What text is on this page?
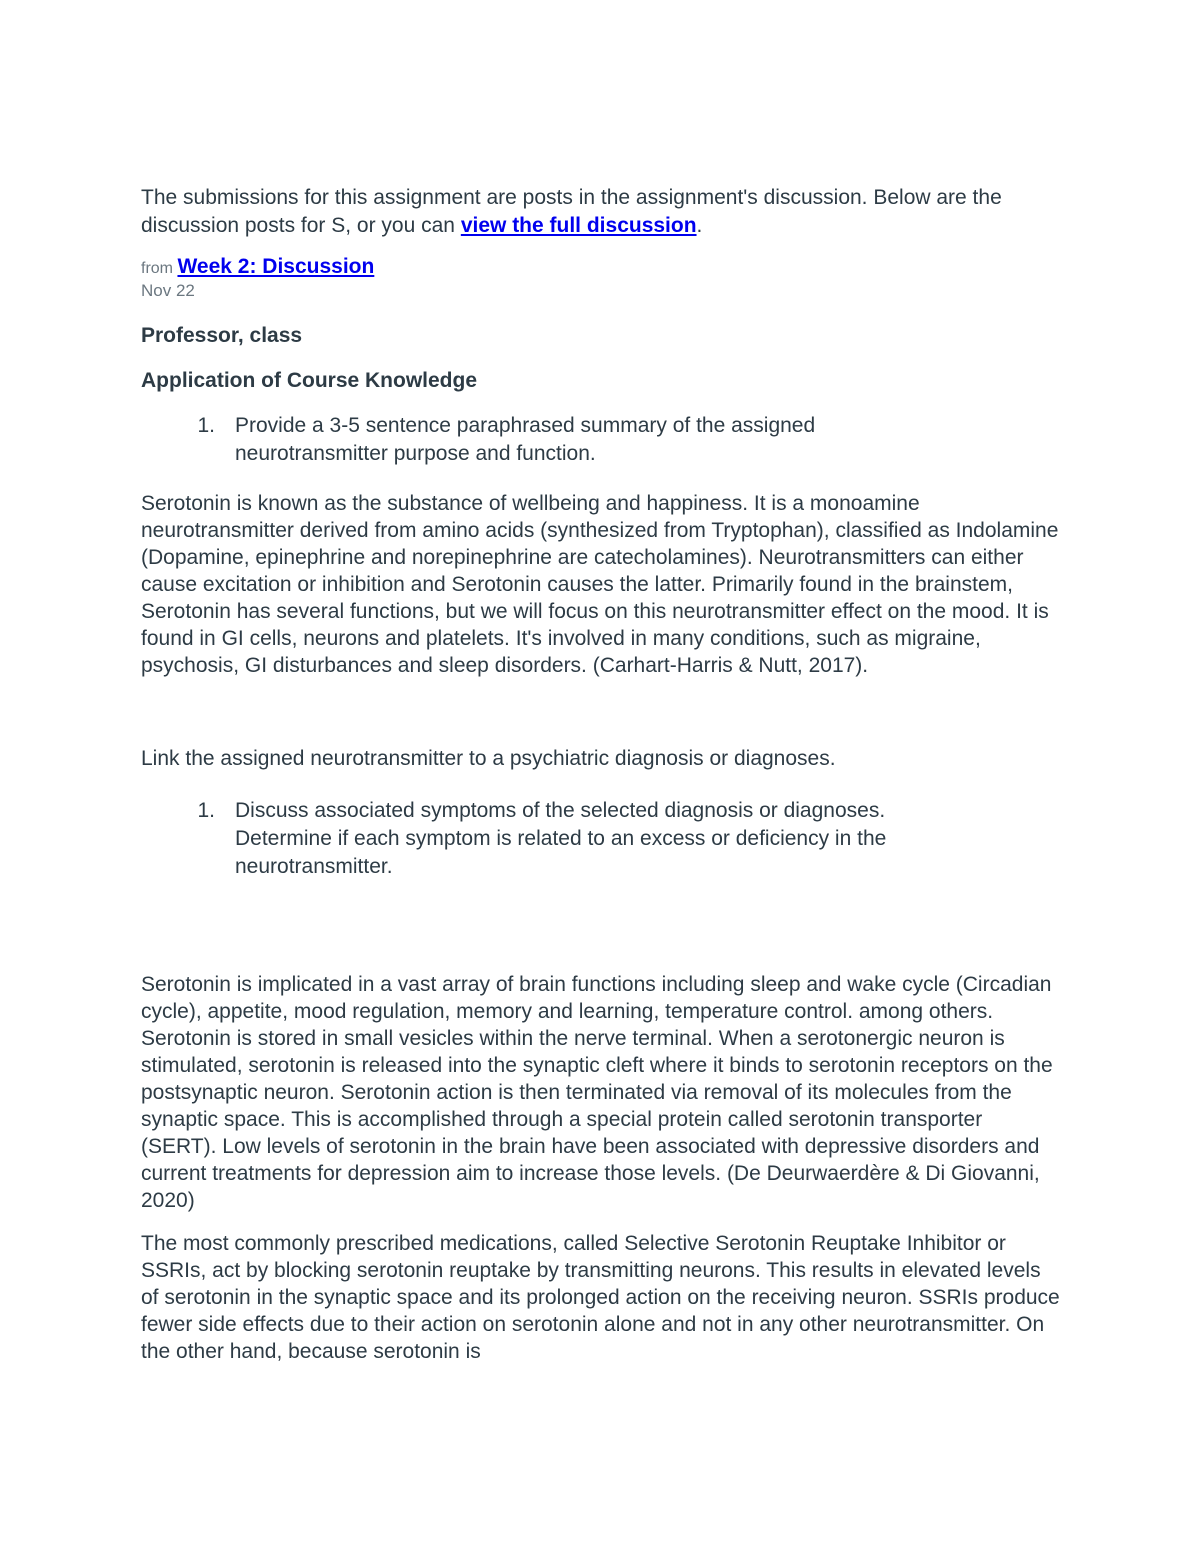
The submissions for this assignment are posts in the assignment's discussion. Below are the discussion posts for S, or you can view the full discussion.

from Week 2: Discussion
Nov 22
Professor, class
Application of Course Knowledge
1. Provide a 3-5 sentence paraphrased summary of the assigned neurotransmitter purpose and function.

Serotonin is known as the substance of wellbeing and happiness. It is a monoamine neurotransmitter derived from amino acids (synthesized from Tryptophan), classified as Indolamine (Dopamine, epinephrine and norepinephrine are catecholamines). Neurotransmitters can either cause excitation or inhibition and Serotonin causes the latter. Primarily found in the brainstem, Serotonin has several functions, but we will focus on this neurotransmitter effect on the mood. It is found in GI cells, neurons and platelets. It's involved in many conditions, such as migraine, psychosis, GI disturbances and sleep disorders. (Carhart-Harris & Nutt, 2017).

Link the assigned neurotransmitter to a psychiatric diagnosis or diagnoses.

1. Discuss associated symptoms of the selected diagnosis or diagnoses. Determine if each symptom is related to an excess or deficiency in the neurotransmitter.

Serotonin is implicated in a vast array of brain functions including sleep and wake cycle (Circadian cycle), appetite, mood regulation, memory and learning, temperature control. among others. Serotonin is stored in small vesicles within the nerve terminal. When a serotonergic neuron is stimulated, serotonin is released into the synaptic cleft where it binds to serotonin receptors on the postsynaptic neuron. Serotonin action is then terminated via removal of its molecules from the synaptic space. This is accomplished through a special protein called serotonin transporter (SERT). Low levels of serotonin in the brain have been associated with depressive disorders and current treatments for depression aim to increase those levels. (De Deurwaerdère & Di Giovanni, 2020)

The most commonly prescribed medications, called Selective Serotonin Reuptake Inhibitor or SSRIs, act by blocking serotonin reuptake by transmitting neurons. This results in elevated levels of serotonin in the synaptic space and its prolonged action on the receiving neuron. SSRIs produce fewer side effects due to their action on serotonin alone and not in any other neurotransmitter. On the other hand, because serotonin is
